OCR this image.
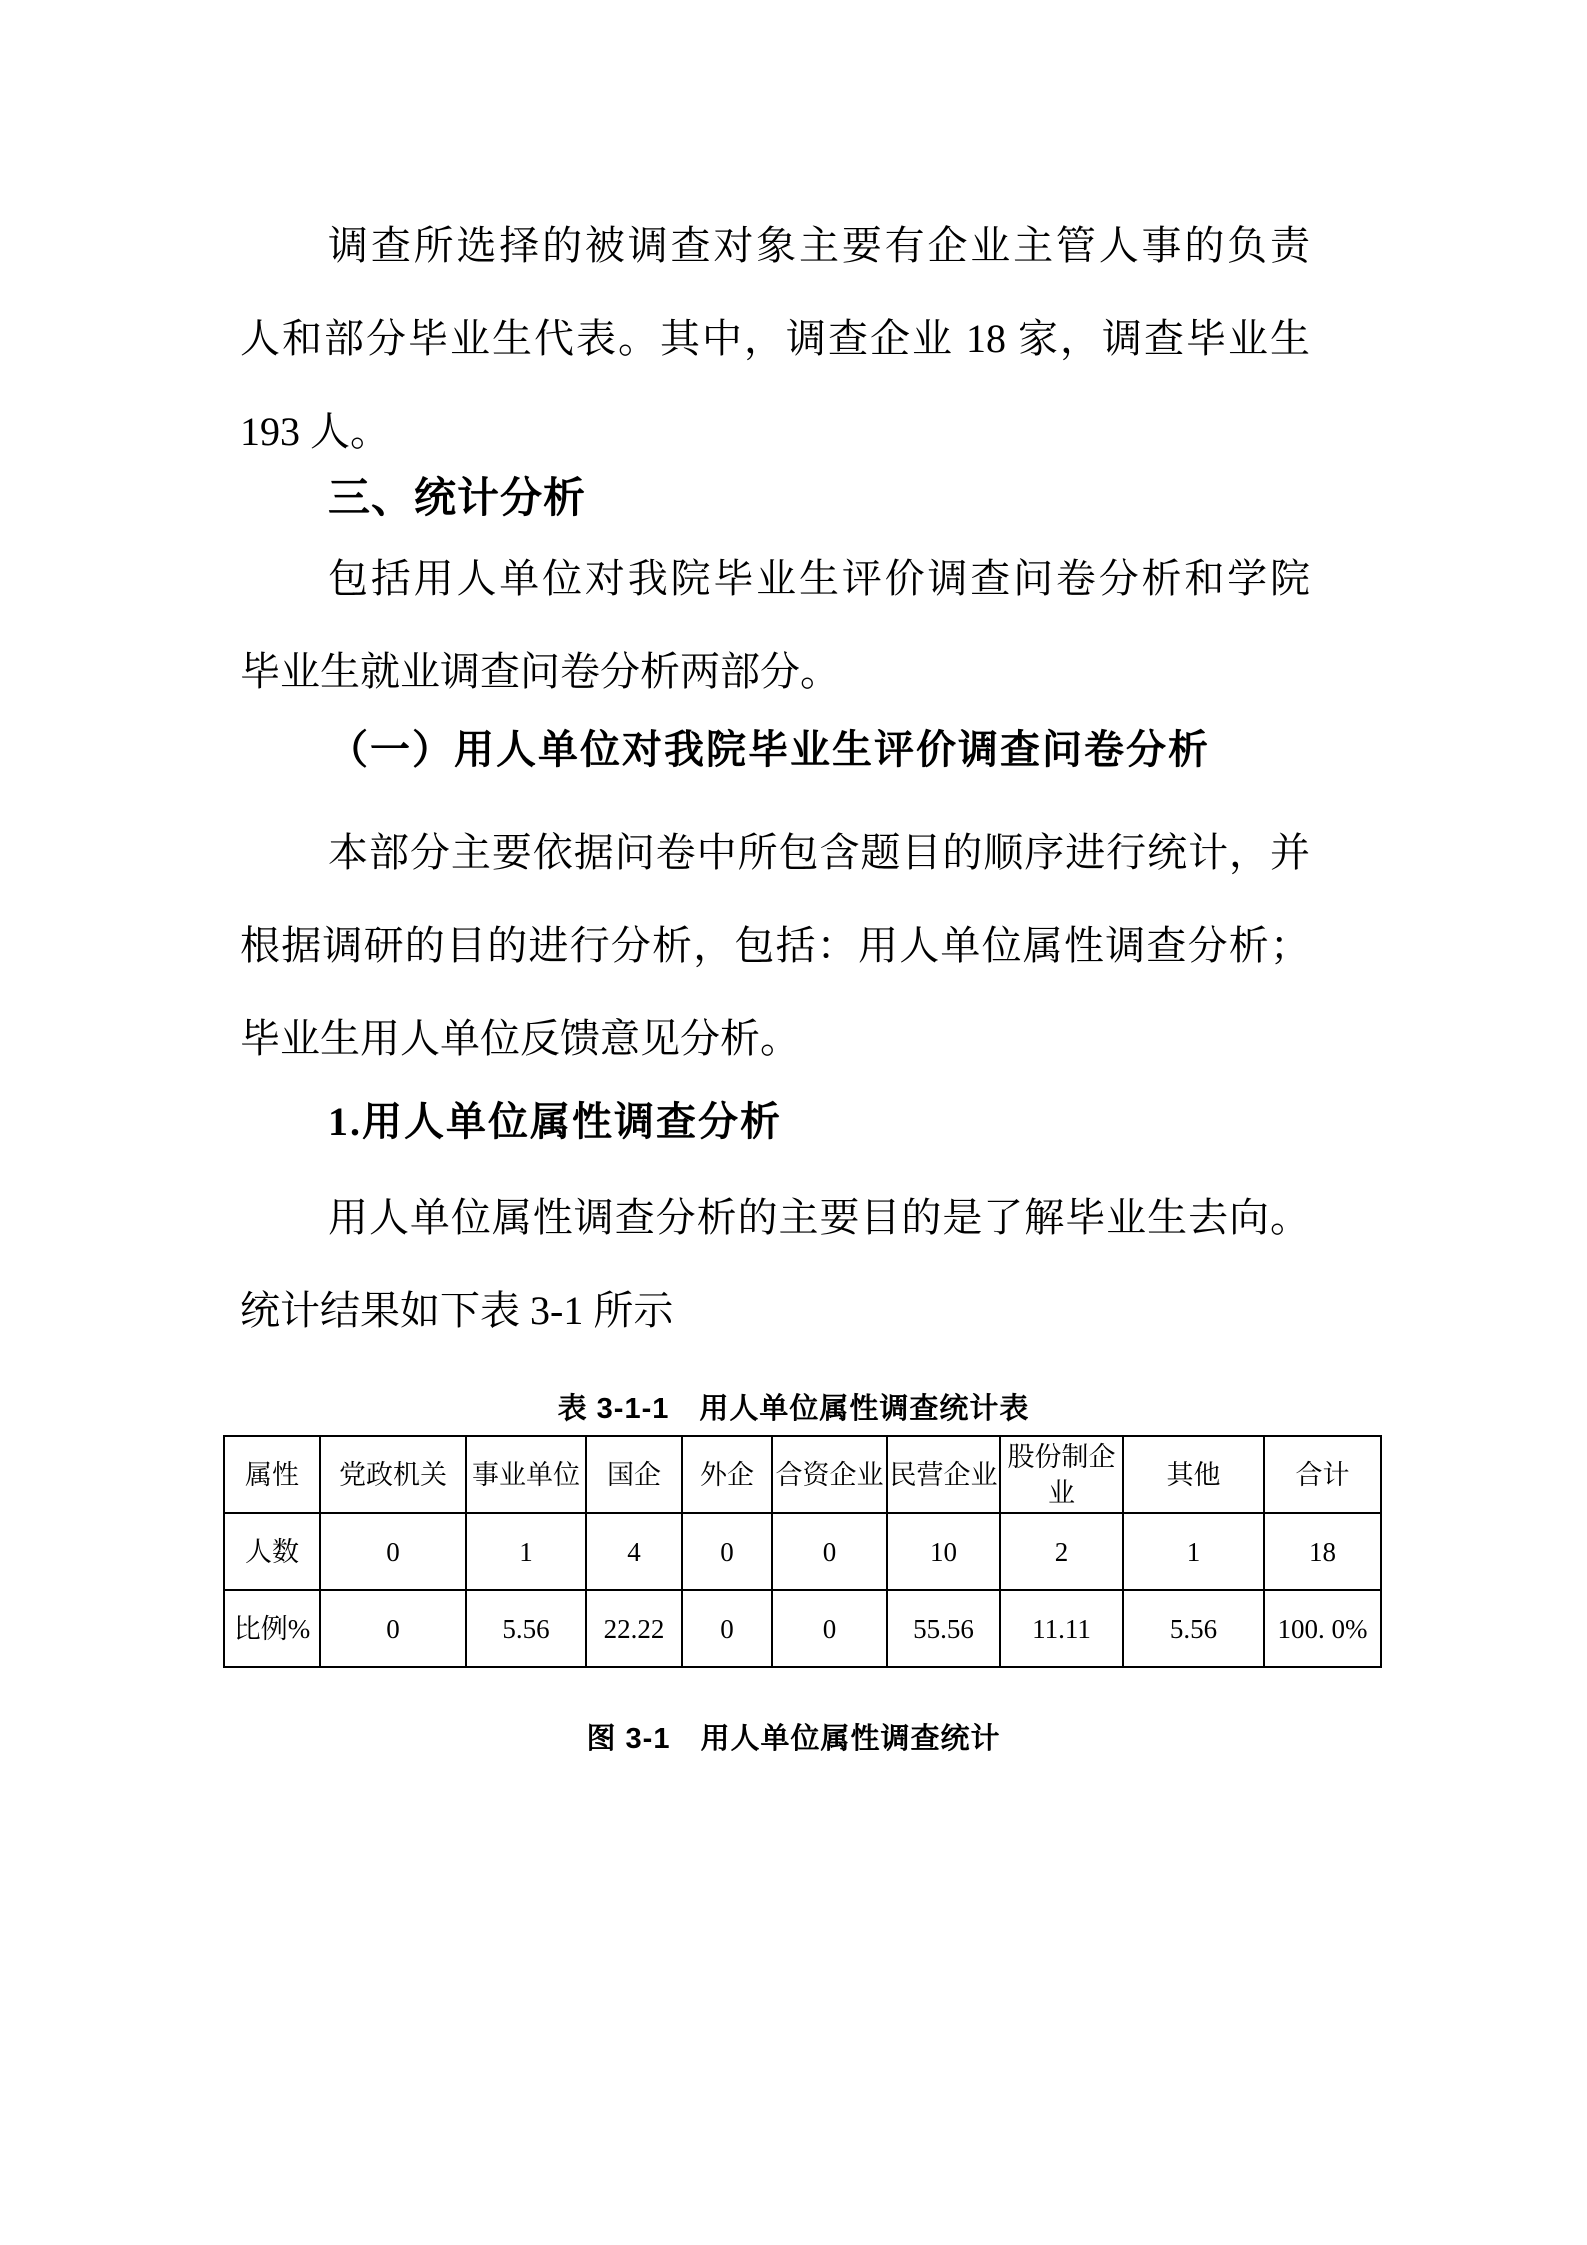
调查所选择的被调查对象主要有企业主管人事的负责
人和部分毕业生代表。其中，调查企业 18 家，调查毕业生
193 人。
三、统计分析
包括用人单位对我院毕业生评价调查问卷分析和学院
毕业生就业调查问卷分析两部分。
（一）用人单位对我院毕业生评价调查问卷分析
本部分主要依据问卷中所包含题目的顺序进行统计，并
根据调研的目的进行分析，包括：用人单位属性调查分析；
毕业生用人单位反馈意见分析。
1.用人单位属性调查分析
用人单位属性调查分析的主要目的是了解毕业生去向。
统计结果如下表 3-1 所示
表 3-1-1　用人单位属性调查统计表
属性	党政机关	事业单位	国企	外企	合资企业	民营企业	股份制企业	其他	合计
人数	0	1	4	0	0	10	2	1	18
比例%	0	5.56	22.22	0	0	55.56	11.11	5.56	100. 0%
图 3-1　用人单位属性调查统计
